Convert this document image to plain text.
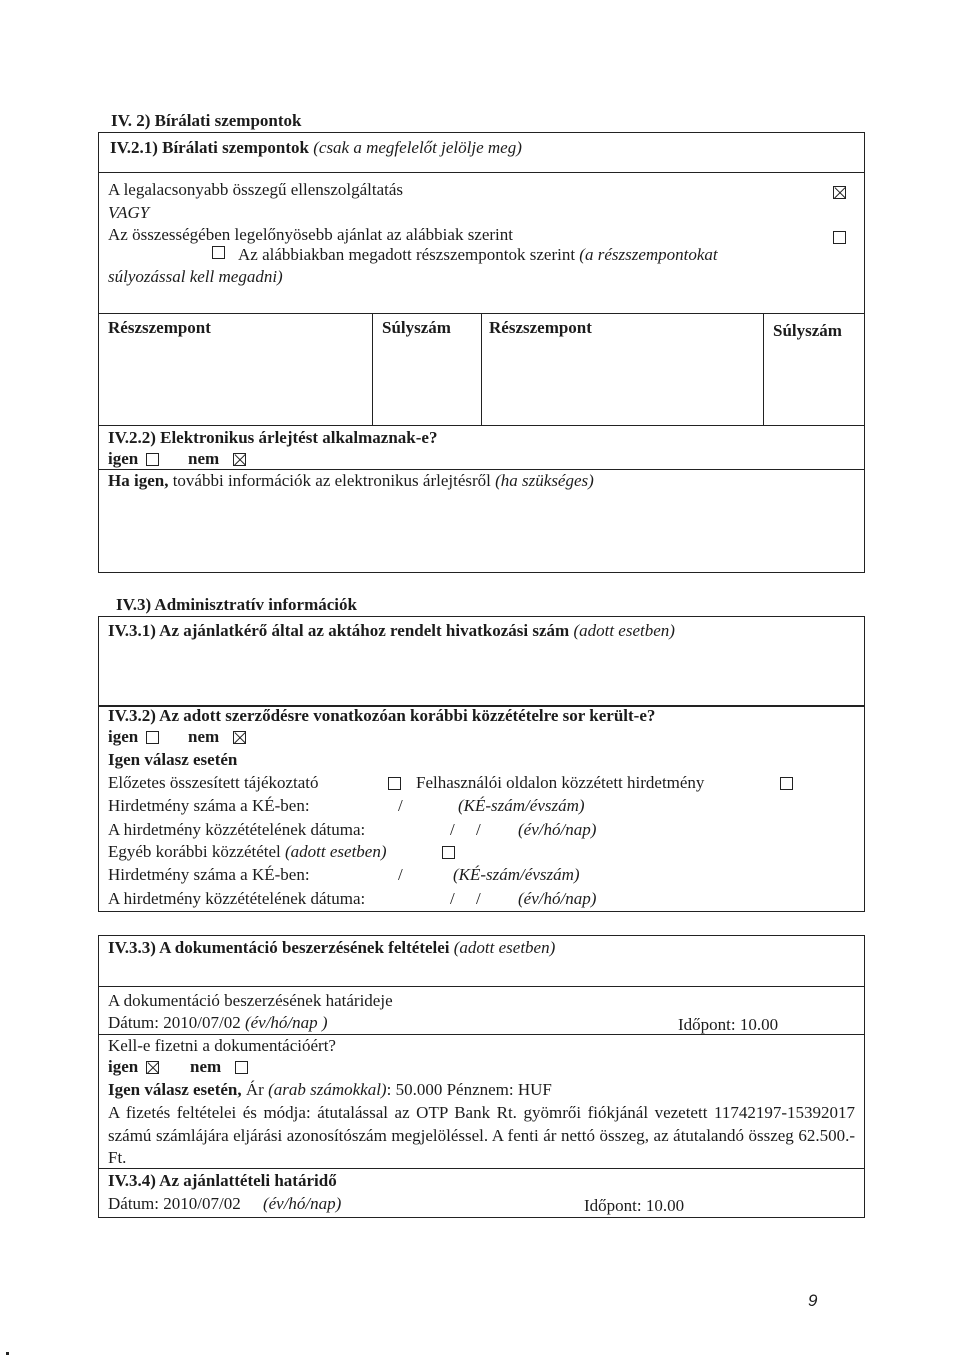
IV. 2) Bírálati szempontok
IV.2.1) Bírálati szempontok (csak a megfelelőt jelölje meg)
A legalacsonyabb összegű ellenszolgáltatás
VAGY
Az összességében legelőnyösebb ajánlat az alábbiak szerint
Az alábbiakban megadott részszempontok szerint (a részszempontokat
súlyozással kell megadni)
Részszempont	Súlyszám Részszempont	Súlyszám
IV.2.2) Elektronikus árlejtést alkalmaznak-e?
igen	nem
Ha igen, további információk az elektronikus árlejtésről (ha szükséges)
IV.3) Adminisztratív információk
IV.3.1) Az ajánlatkérő által az aktához rendelt hivatkozási szám (adott esetben)
IV.3.2) Az adott szerződésre vonatkozóan korábbi közzétételre sor került-e?
igen	nem
Igen válasz esetén
Előzetes összesített tájékoztató	Felhasználói oldalon közzétett hirdetmény
Hirdetmény száma a KÉ-ben:	/	(KÉ-szám/évszám)
A hirdetmény közzétételének dátuma:	/     / (év/hó/nap)
Egyéb korábbi közzététel (adott esetben)
Hirdetmény száma a KÉ-ben:	/	(KÉ-szám/évszám)
A hirdetmény közzétételének dátuma:	/     / (év/hó/nap)
IV.3.3) A dokumentáció beszerzésének feltételei (adott esetben)
A dokumentáció beszerzésének határideje
Dátum: 2010/07/02 (év/hó/nap )	Időpont: 10.00
Kell-e fizetni a dokumentációért?
igen	nem
Igen válasz esetén, Ár (arab számokkal): 50.000 Pénznem: HUF
A fizetés feltételei és módja: átutalással az OTP Bank Rt. gyömrői fiókjánál vezetett 11742197-15392017 számú számlájára eljárási azonosítószám megjelöléssel. A fenti ár nettó összeg, az átutalandó összeg 62.500.-Ft.
IV.3.4) Az ajánlattételi határidő
Dátum: 2010/07/02 (év/hó/nap)	Időpont: 10.00
9
